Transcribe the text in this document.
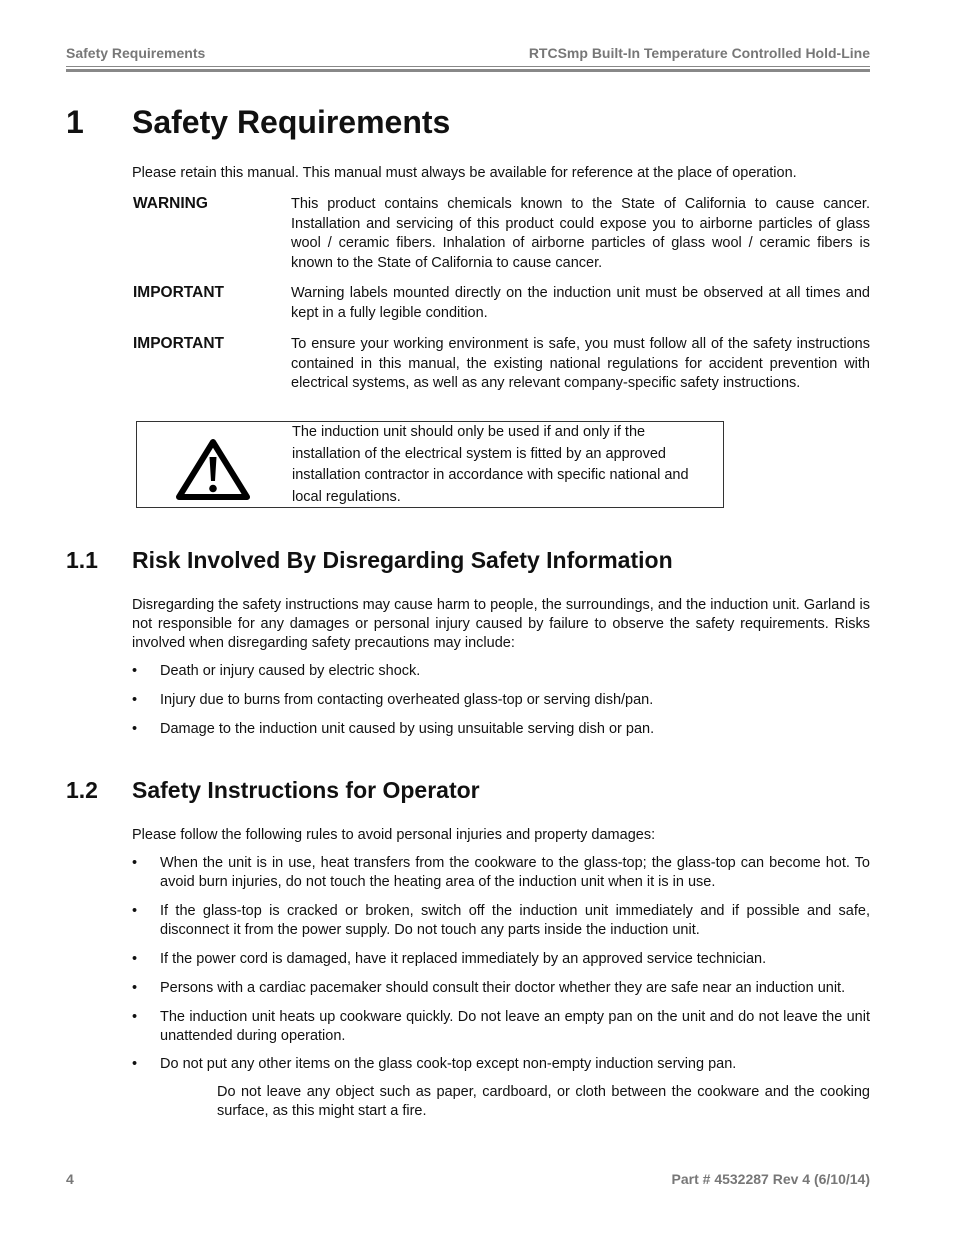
Safety Requirements	RTCSmp Built-In Temperature Controlled Hold-Line
1 Safety Requirements
Please retain this manual. This manual must always be available for reference at the place of operation.
WARNING	This product contains chemicals known to the State of California to cause cancer. Installation and servicing of this product could expose you to airborne particles of glass wool / ceramic fibers. Inhalation of airborne particles of glass wool / ceramic fibers is known to the State of California to cause cancer.
IMPORTANT	Warning labels mounted directly on the induction unit must be observed at all times and kept in a fully legible condition.
IMPORTANT	To ensure your working environment is safe, you must follow all of the safety instructions contained in this manual, the existing national regulations for accident prevention with electrical systems, as well as any relevant company-specific safety instructions.
The induction unit should only be used if and only if the
installation of the electrical system is fitted by an approved
installation contractor in accordance with specific national and
local regulations.
1.1 Risk Involved By Disregarding Safety Information
Disregarding the safety instructions may cause harm to people, the surroundings, and the induction unit. Garland is not responsible for any damages or personal injury caused by failure to observe the safety requirements. Risks involved when disregarding safety precautions may include:
• Death or injury caused by electric shock.
• Injury due to burns from contacting overheated glass-top or serving dish/pan.
• Damage to the induction unit caused by using unsuitable serving dish or pan.
1.2 Safety Instructions for Operator
Please follow the following rules to avoid personal injuries and property damages:
• When the unit is in use, heat transfers from the cookware to the glass-top; the glass-top can become hot. To avoid burn injuries, do not touch the heating area of the induction unit when it is in use.
• If the glass-top is cracked or broken, switch off the induction unit immediately and if possible and safe, disconnect it from the power supply. Do not touch any parts inside the induction unit.
• If the power cord is damaged, have it replaced immediately by an approved service technician.
• Persons with a cardiac pacemaker should consult their doctor whether they are safe near an induction unit.
• The induction unit heats up cookware quickly. Do not leave an empty pan on the unit and do not leave the unit unattended during operation.
• Do not put any other items on the glass cook-top except non-empty induction serving pan.
Do not leave any object such as paper, cardboard, or cloth between the cookware and the cooking surface, as this might start a fire.
4	Part # 4532287 Rev 4 (6/10/14)
